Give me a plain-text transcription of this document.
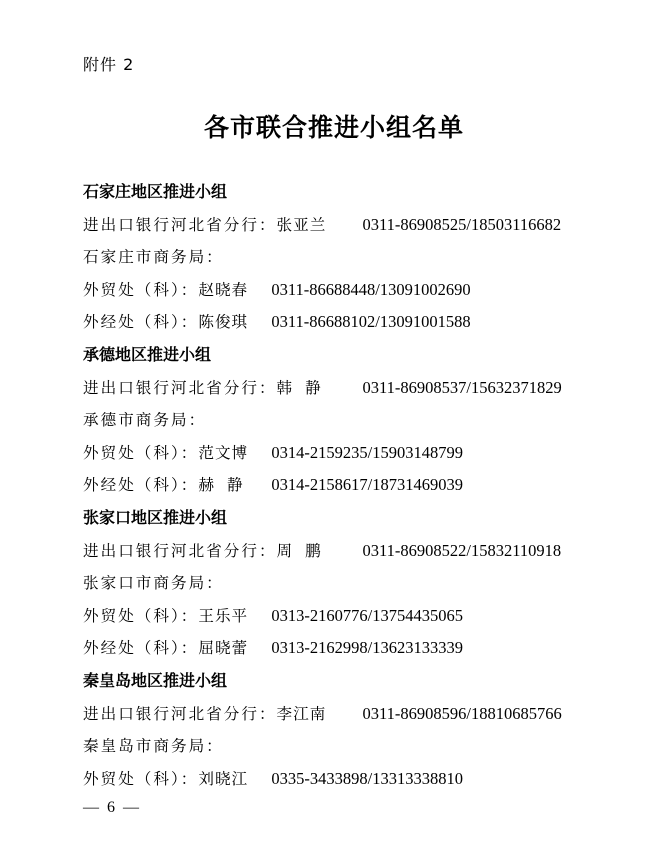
附件 2
各市联合推进小组名单
石家庄地区推进小组
进出口银行河北省分行：张亚兰 0311-86908525/18503116682
石家庄市商务局：
外贸处（科）：赵晓春 0311-86688448/13091002690
外经处（科）：陈俊琪 0311-86688102/13091001588
承德地区推进小组
进出口银行河北省分行：韩静 0311-86908537/15632371829
承德市商务局：
外贸处（科）：范文博 0314-2159235/15903148799
外经处（科）：赫静 0314-2158617/18731469039
张家口地区推进小组
进出口银行河北省分行：周鹏 0311-86908522/15832110918
张家口市商务局：
外贸处（科）：王乐平 0313-2160776/13754435065
外经处（科）：屈晓蕾 0313-2162998/13623133339
秦皇岛地区推进小组
进出口银行河北省分行：李江南 0311-86908596/18810685766
秦皇岛市商务局：
外贸处（科）：刘晓江 0335-3433898/13313338810
— 6 —
